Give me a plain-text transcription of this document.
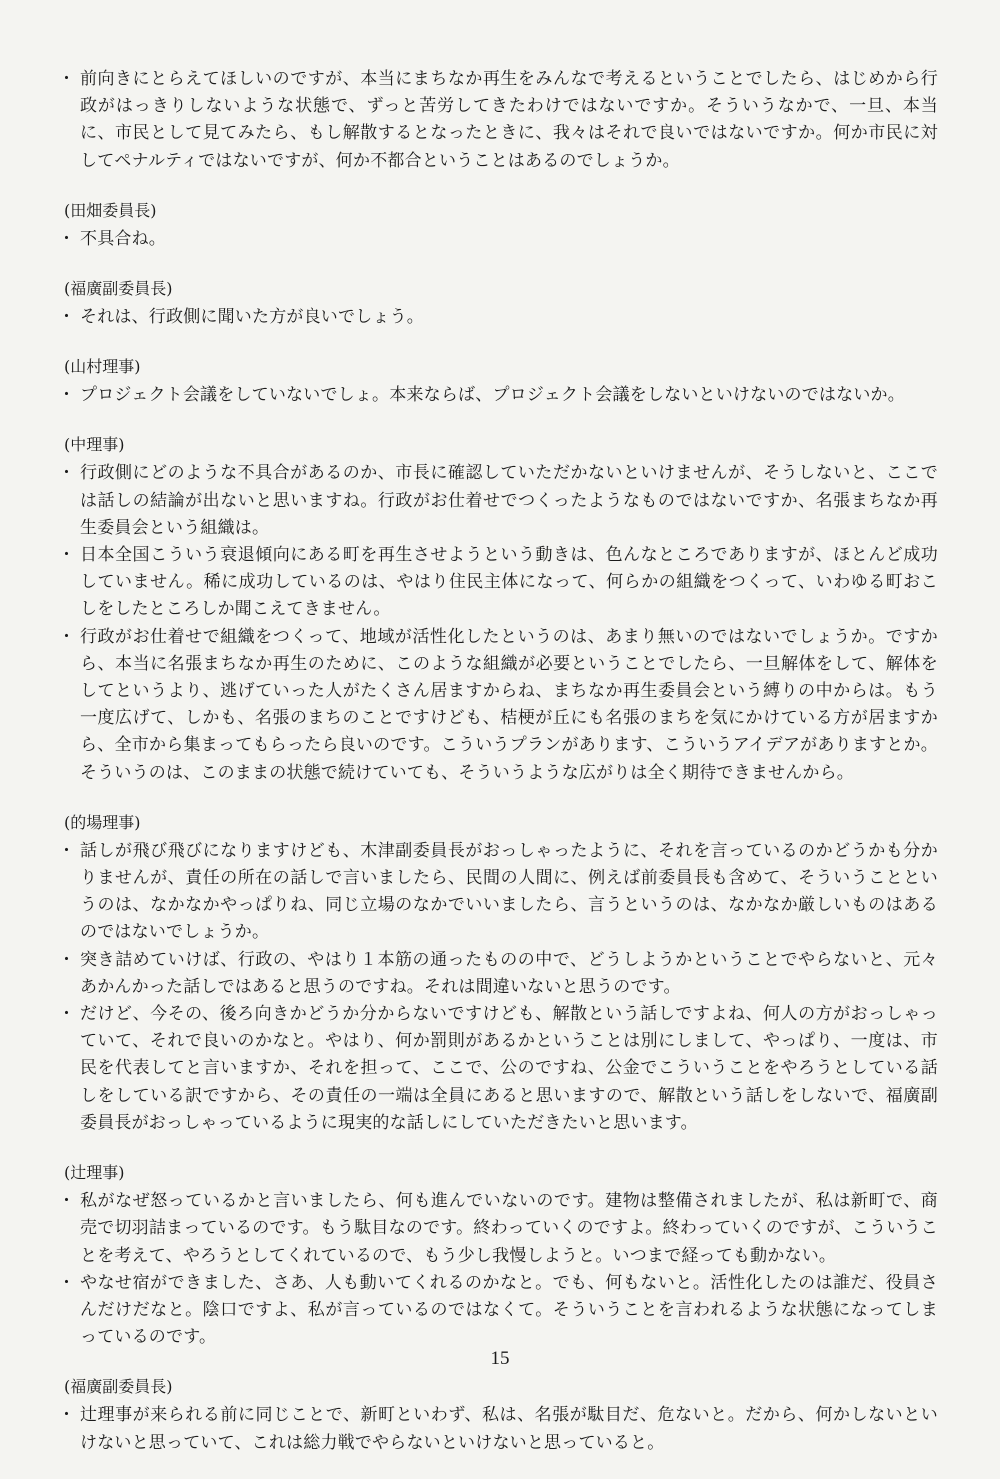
・ 前向きにとらえてほしいのですが、本当にまちなか再生をみんなで考えるということでしたら、はじめから行政がはっきりしないような状態で、ずっと苦労してきたわけではないですか。そういうなかで、一旦、本当に、市民として見てみたら、もし解散するとなったときに、我々はそれで良いではないですか。何か市民に対してペナルティではないですが、何か不都合ということはあるのでしょうか。
(田畑委員長)
・ 不具合ね。
(福廣副委員長)
・ それは、行政側に聞いた方が良いでしょう。
(山村理事)
・ プロジェクト会議をしていないでしょ。本来ならば、プロジェクト会議をしないといけないのではないか。
(中理事)
・ 行政側にどのような不具合があるのか、市長に確認していただかないといけませんが、そうしないと、ここでは話しの結論が出ないと思いますね。行政がお仕着せでつくったようなものではないですか、名張まちなか再生委員会という組織は。
・ 日本全国こういう衰退傾向にある町を再生させようという動きは、色んなところでありますが、ほとんど成功していません。稀に成功しているのは、やはり住民主体になって、何らかの組織をつくって、いわゆる町おこしをしたところしか聞こえてきません。
・ 行政がお仕着せで組織をつくって、地域が活性化したというのは、あまり無いのではないでしょうか。ですから、本当に名張まちなか再生のために、このような組織が必要ということでしたら、一旦解体をして、解体をしてというより、逃げていった人がたくさん居ますからね、まちなか再生委員会という縛りの中からは。もう一度広げて、しかも、名張のまちのことですけども、桔梗が丘にも名張のまちを気にかけている方が居ますから、全市から集まってもらったら良いのです。こういうプランがあります、こういうアイデアがありますとか。そういうのは、このままの状態で続けていても、そういうような広がりは全く期待できませんから。
(的場理事)
・ 話しが飛び飛びになりますけども、木津副委員長がおっしゃったように、それを言っているのかどうかも分かりませんが、責任の所在の話しで言いましたら、民間の人間に、例えば前委員長も含めて、そういうことというのは、なかなかやっぱりね、同じ立場のなかでいいましたら、言うというのは、なかなか厳しいものはあるのではないでしょうか。
・ 突き詰めていけば、行政の、やはり１本筋の通ったものの中で、どうしようかということでやらないと、元々あかんかった話しではあると思うのですね。それは間違いないと思うのです。
・ だけど、今その、後ろ向きかどうか分からないですけども、解散という話しですよね、何人の方がおっしゃっていて、それで良いのかなと。やはり、何か罰則があるかということは別にしまして、やっぱり、一度は、市民を代表してと言いますか、それを担って、ここで、公のですね、公金でこういうことをやろうとしている話しをしている訳ですから、その責任の一端は全員にあると思いますので、解散という話しをしないで、福廣副委員長がおっしゃっているように現実的な話しにしていただきたいと思います。
(辻理事)
・ 私がなぜ怒っているかと言いましたら、何も進んでいないのです。建物は整備されましたが、私は新町で、商売で切羽詰まっているのです。もう駄目なのです。終わっていくのですよ。終わっていくのですが、こういうことを考えて、やろうとしてくれているので、もう少し我慢しようと。いつまで経っても動かない。
・ やなせ宿ができました、さあ、人も動いてくれるのかなと。でも、何もないと。活性化したのは誰だ、役員さんだけだなと。陰口ですよ、私が言っているのではなくて。そういうことを言われるような状態になってしまっているのです。
(福廣副委員長)
・ 辻理事が来られる前に同じことで、新町といわず、私は、名張が駄目だ、危ないと。だから、何かしないといけないと思っていて、これは総力戦でやらないといけないと思っていると。
15
